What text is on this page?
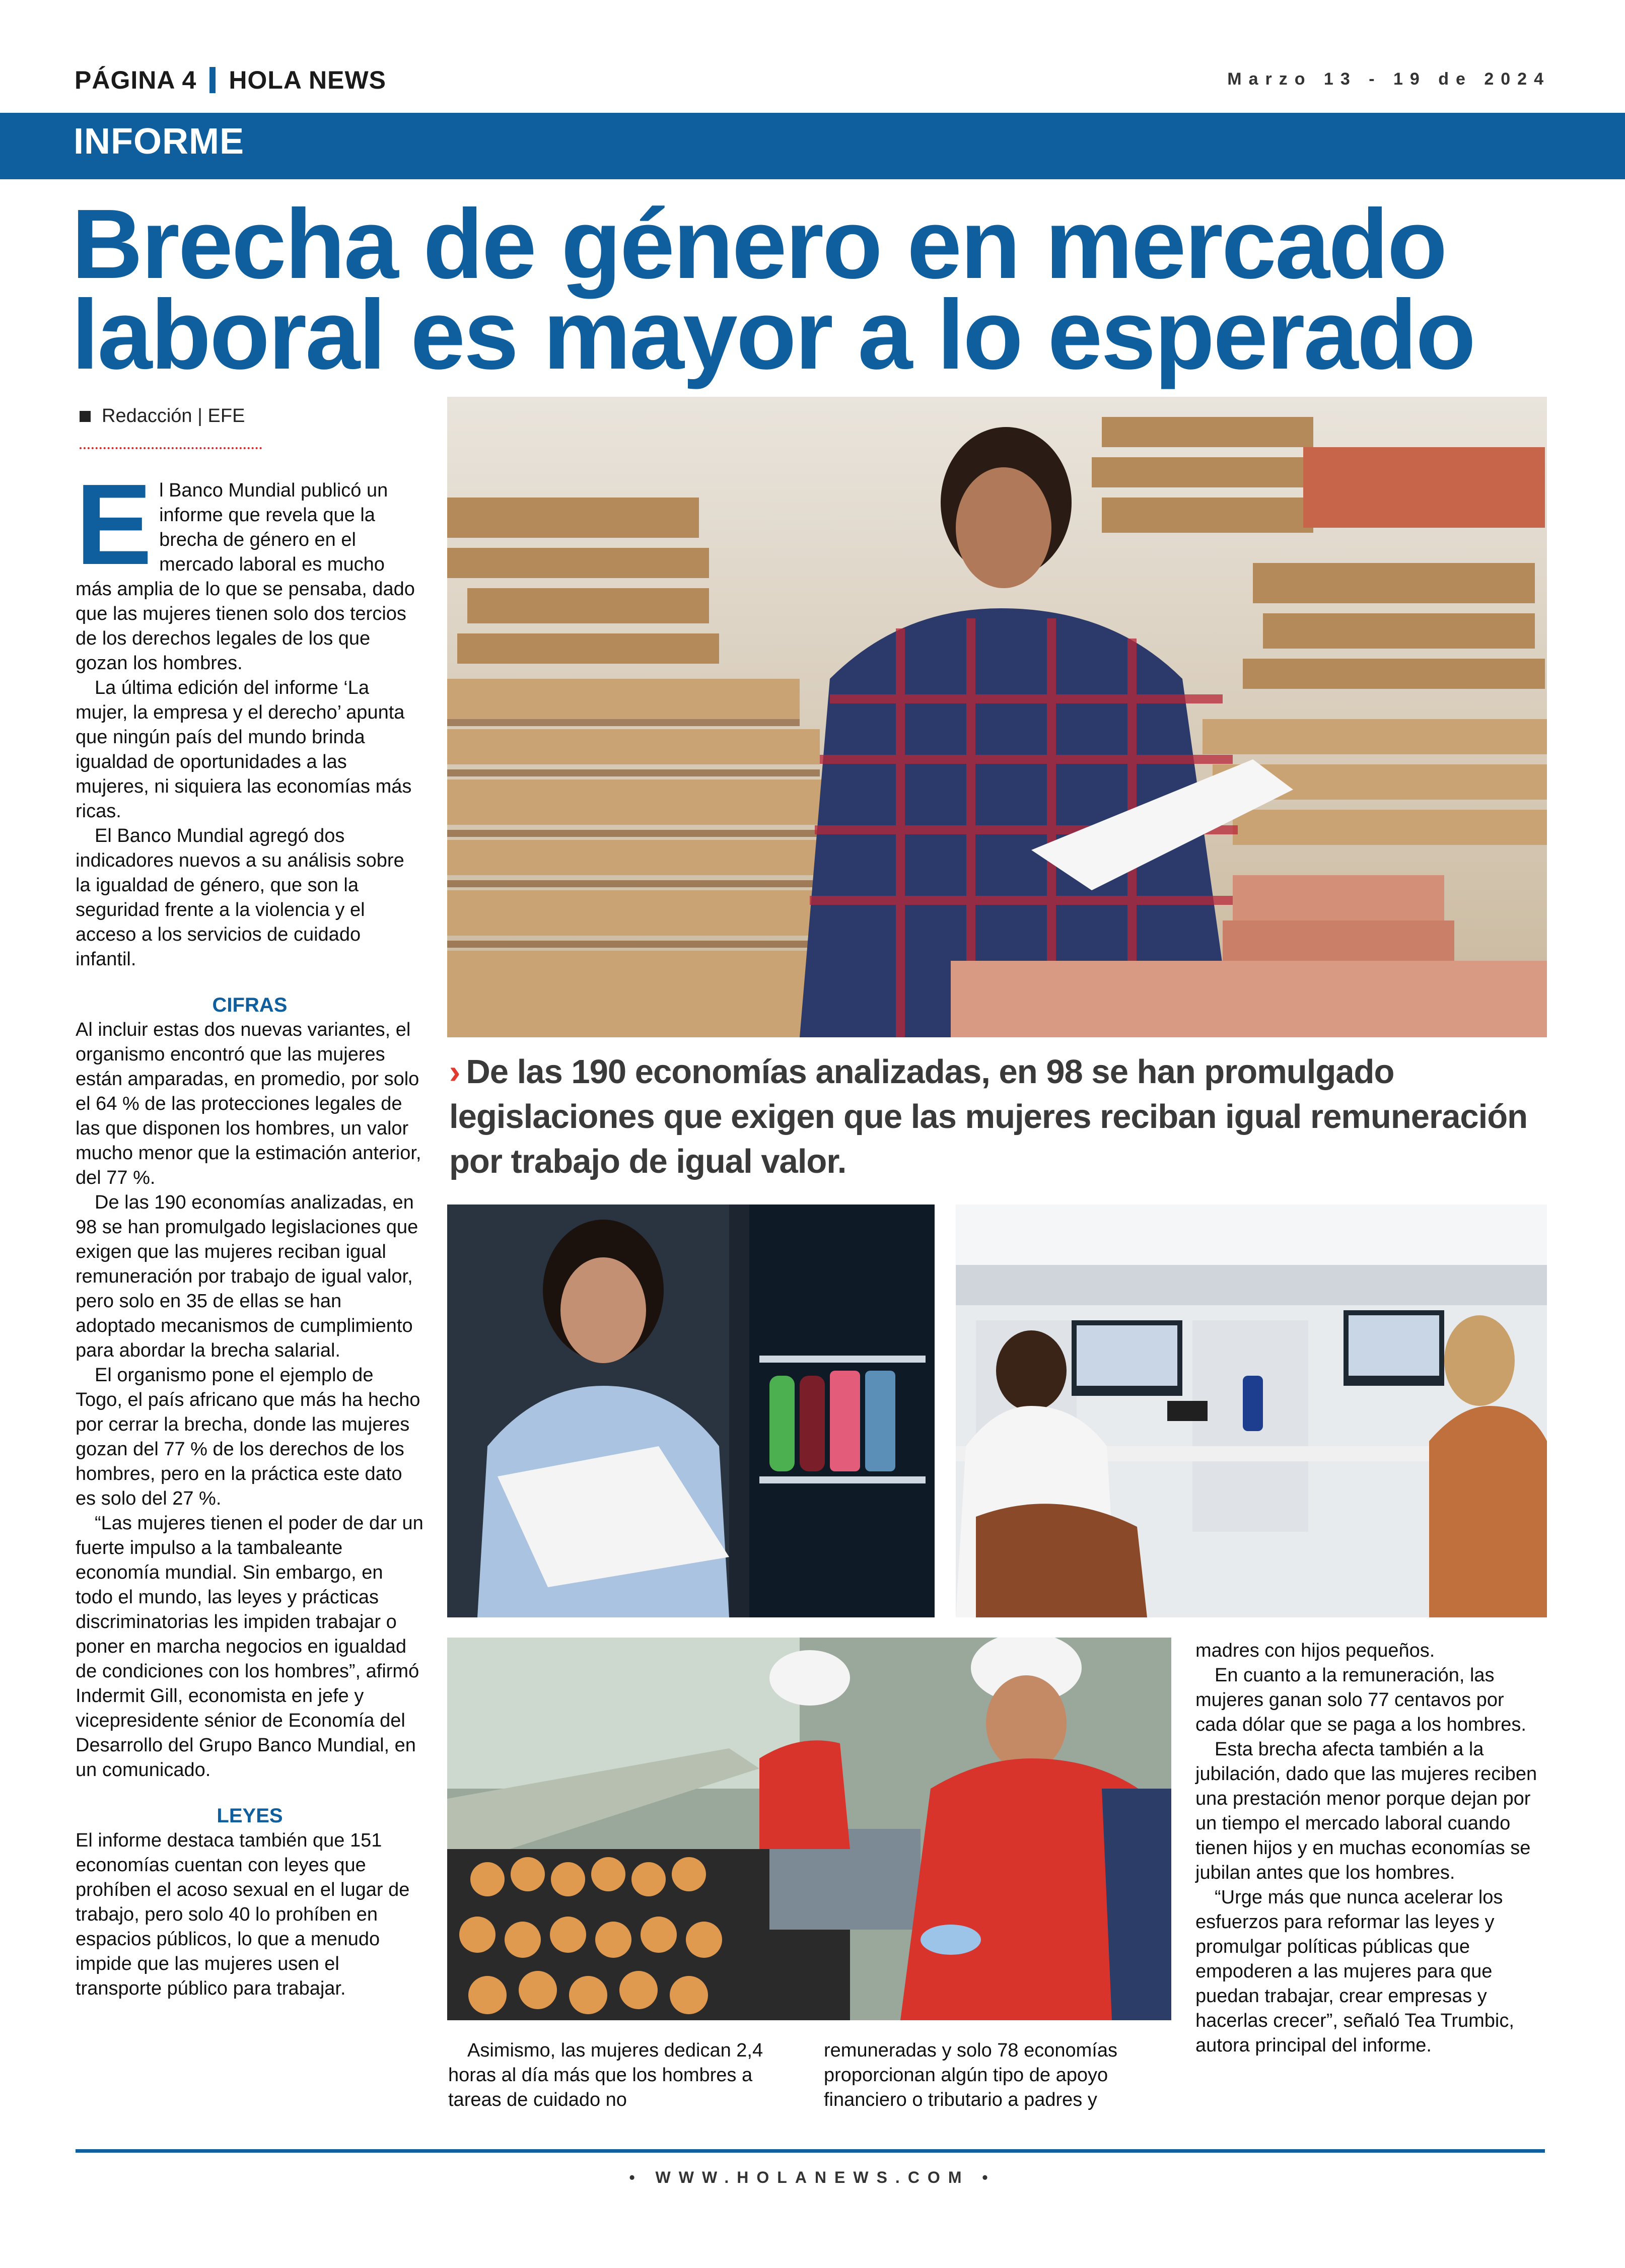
PÁGINA 4 HOLA NEWS	Marzo 13 - 19 de 2024
INFORME
Brecha de género en mercado laboral es mayor a lo esperado
Redacción | EFE
E l Banco Mundial publicó un informe que revela que la brecha de género en el mercado laboral es mucho más amplia de lo que se pensaba, dado que las mujeres tienen solo dos tercios de los derechos legales de los que gozan los hombres.

La última edición del informe ‘La mujer, la empresa y el derecho’ apunta que ningún país del mundo brinda igualdad de oportunidades a las mujeres, ni siquiera las economías más ricas.

El Banco Mundial agregó dos indicadores nuevos a su análisis sobre la igualdad de género, que son la seguridad frente a la violencia y el acceso a los servicios de cuidado infantil.

CIFRAS

Al incluir estas dos nuevas variantes, el organismo encontró que las mujeres están amparadas, en promedio, por solo el 64 % de las protecciones legales de las que disponen los hombres, un valor mucho menor que la estimación anterior, del 77 %.

De las 190 economías analizadas, en 98 se han promulgado legislaciones que exigen que las mujeres reciban igual remuneración por trabajo de igual valor, pero solo en 35 de ellas se han adoptado mecanismos de cumplimiento para abordar la brecha salarial.

El organismo pone el ejemplo de Togo, el país africano que más ha hecho por cerrar la brecha, donde las mujeres gozan del 77 % de los derechos de los hombres, pero en la práctica este dato es solo del 27 %.

“Las mujeres tienen el poder de dar un fuerte impulso a la tambaleante economía mundial. Sin embargo, en todo el mundo, las leyes y prácticas discriminatorias les impiden trabajar o poner en marcha negocios en igualdad de condiciones con los hombres”, afirmó Indermit Gill, economista en jefe y vicepresidente sénior de Economía del Desarrollo del Grupo Banco Mundial, en un comunicado.

LEYES

El informe destaca también que 151 economías cuentan con leyes que prohíben el acoso sexual en el lugar de trabajo, pero solo 40 lo prohíben en espacios públicos, lo que a menudo impide que las mujeres usen el transporte público para trabajar.

› De las 190 economías analizadas, en 98 se han promulgado legislaciones que exigen que las mujeres reciban igual remuneración por trabajo de igual valor.

Asimismo, las mujeres dedican 2,4 horas al día más que los hombres a tareas de cuidado no

remuneradas y solo 78 economías proporcionan algún tipo de apoyo financiero o tributario a padres y

madres con hijos pequeños.

En cuanto a la remuneración, las mujeres ganan solo 77 centavos por cada dólar que se paga a los hombres.

Esta brecha afecta también a la jubilación, dado que las mujeres reciben una prestación menor porque dejan por un tiempo el mercado laboral cuando tienen hijos y en muchas economías se jubilan antes que los hombres.

“Urge más que nunca acelerar los esfuerzos para reformar las leyes y promulgar políticas públicas que empoderen a las mujeres para que puedan trabajar, crear empresas y hacerlas crecer”, señaló Tea Trumbic, autora principal del informe.

• WWW.HOLANEWS.COM •
